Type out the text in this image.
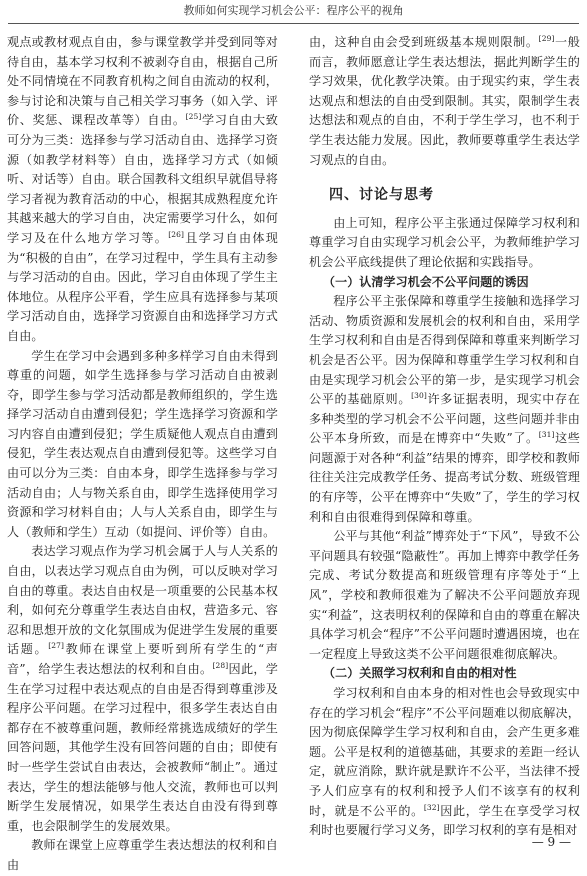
教师如何实现学习机会公平：程序公平的视角

观点或教材观点自由，参与课堂教学并受到同等对待自由，基本学习权利不被剥夺自由，根据自己所处不同情境在不同教育机构之间自由流动的权利，参与讨论和决策与自己相关学习事务（如入学、评价、奖惩、课程改革等）自由。[25]学习自由大致可分为三类：选择参与学习活动自由、选择学习资源（如教学材料等）自由，选择学习方式（如倾听、对话等）自由。联合国教科文组织早就倡导将学习者视为教育活动的中心，根据其成熟程度允许其越来越大的学习自由，决定需要学习什么，如何学习及在什么地方学习等。[26]且学习自由体现为“积极的自由”，在学习过程中，学生具有主动参与学习活动的自由。因此，学习自由体现了学生主体地位。从程序公平看，学生应具有选择参与某项学习活动自由，选择学习资源自由和选择学习方式自由。

学生在学习中会遇到多种多样学习自由未得到尊重的问题，如学生选择参与学习活动自由被剥夺，即学生参与学习活动都是教师组织的，学生选择学习活动自由遭到侵犯；学生选择学习资源和学习内容自由遭到侵犯；学生质疑他人观点自由遭到侵犯，学生表达观点自由遭到侵犯等。这些学习自由可以分为三类：自由本身，即学生选择参与学习活动自由；人与物关系自由，即学生选择使用学习资源和学习材料自由；人与人关系自由，即学生与人（教师和学生）互动（如提问、评价等）自由。

表达学习观点作为学习机会属于人与人关系的自由，以表达学习观点自由为例，可以反映对学习自由的尊重。表达自由权是一项重要的公民基本权利，如何充分尊重学生表达自由权，营造多元、容忍和思想开放的文化氛围成为促进学生发展的重要话题。[27]教师在课堂上要听到所有学生的“声音”，给学生表达想法的权利和自由。[28]因此，学生在学习过程中表达观点的自由是否得到尊重涉及程序公平问题。在学习过程中，很多学生表达自由都存在不被尊重问题，教师经常挑选成绩好的学生回答问题，其他学生没有回答问题的自由；即使有时一些学生尝试自由表达，会被教师“制止”。通过表达，学生的想法能够与他人交流，教师也可以判断学生发展情况，如果学生表达自由没有得到尊重，也会限制学生的发展效果。

教师在课堂上应尊重学生表达想法的权利和自由

由，这种自由会受到班级基本规则限制。[29]一般而言，教师愿意让学生表达想法，据此判断学生的学习效果，优化教学决策。由于现实约束，学生表达观点和想法的自由受到限制。其实，限制学生表达想法和观点的自由，不利于学生学习，也不利于学生表达能力发展。因此，教师要尊重学生表达学习观点的自由。

四、讨论与思考

由上可知，程序公平主张通过保障学习权利和尊重学习自由实现学习机会公平，为教师维护学习机会公平底线提供了理论依据和实践指导。

（一）认清学习机会不公平问题的诱因

程序公平主张保障和尊重学生接触和选择学习活动、物质资源和发展机会的权利和自由，采用学生学习权利和自由是否得到保障和尊重来判断学习机会是否公平。因为保障和尊重学生学习权利和自由是实现学习机会公平的第一步，是实现学习机会公平的基础原则。[30]许多证据表明，现实中存在多种类型的学习机会不公平问题，这些问题并非由公平本身所致，而是在博弈中“失败”了。[31]这些问题源于对各种“利益”结果的博弈，即学校和教师往往关注完成教学任务、提高考试分数、班级管理的有序等，公平在博弈中“失败”了，学生的学习权利和自由很难得到保障和尊重。

公平与其他“利益”博弈处于“下风”，导致不公平问题具有较强“隐蔽性”。再加上博弈中教学任务完成、考试分数提高和班级管理有序等处于“上风”，学校和教师很难为了解决不公平问题放弃现实“利益”，这表明权利的保障和自由的尊重在解决具体学习机会“程序”不公平问题时遭遇困境，也在一定程度上导致这类不公平问题很难彻底解决。

（二）关照学习权利和自由的相对性

学习权利和自由本身的相对性也会导致现实中存在的学习机会“程序”不公平问题难以彻底解决，因为彻底保障学生学习权利和自由，会产生更多难题。公平是权利的道德基础，其要求的差距一经认定，就应消除，默许就是默许不公平，当法律不授予人们应享有的权利和授予人们不该享有的权利时，就是不公平的。[32]因此，学生在享受学习权利时也要履行学习义务，即学习权利的享有是相对

— 9 —
